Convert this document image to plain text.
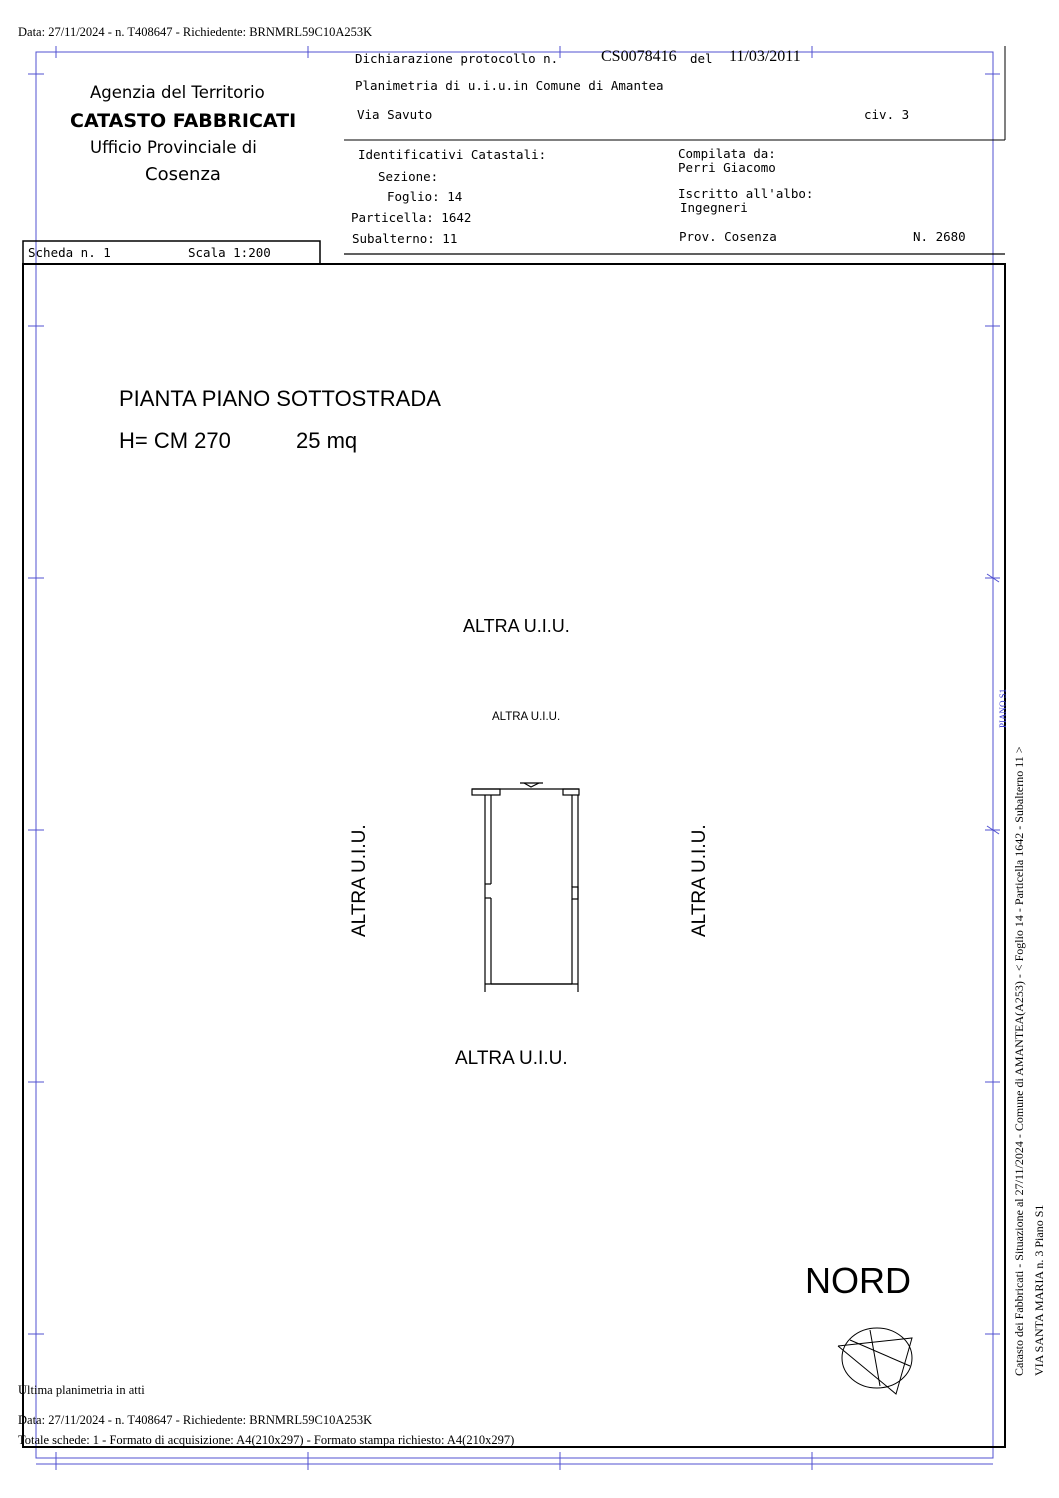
Data: 27/11/2024 - n. T408647 - Richiedente: BRNMRL59C10A253K
Agenzia del Territorio
CATASTO FABBRICATI
Ufficio Provinciale di
Cosenza
Dichiarazione protocollo n.	CS0078416 del 11/03/2011
Planimetria di u.i.u.in Comune di Amantea
Via Savuto	civ. 3
Identificativi Catastali:
Sezione:
Foglio: 14
Particella: 1642
Subalterno: 11
Compilata da:
Perri Giacomo
Iscritto all'albo:
Ingegneri
Prov. Cosenza	N. 2680
Scheda n. 1	Scala 1:200
PIANTA PIANO SOTTOSTRADA
H= CM 270	25 mq
ALTRA U.I.U.
ALTRA U.I.U.
ALTRA U.I.U.	ALTRA U.I.U.
ALTRA U.I.U.
NORD
PIANO S1
Catasto dei Fabbricati - Situazione al 27/11/2024 - Comune di AMANTEA(A253) - < Foglio 14 - Particella 1642 - Subalterno 11 > VIA SANTA MARIA n. 3 Piano S1
Ultima planimetria in atti
Data: 27/11/2024 - n. T408647 - Richiedente: BRNMRL59C10A253K
Totale schede: 1 - Formato di acquisizione: A4(210x297) - Formato stampa richiesto: A4(210x297)
